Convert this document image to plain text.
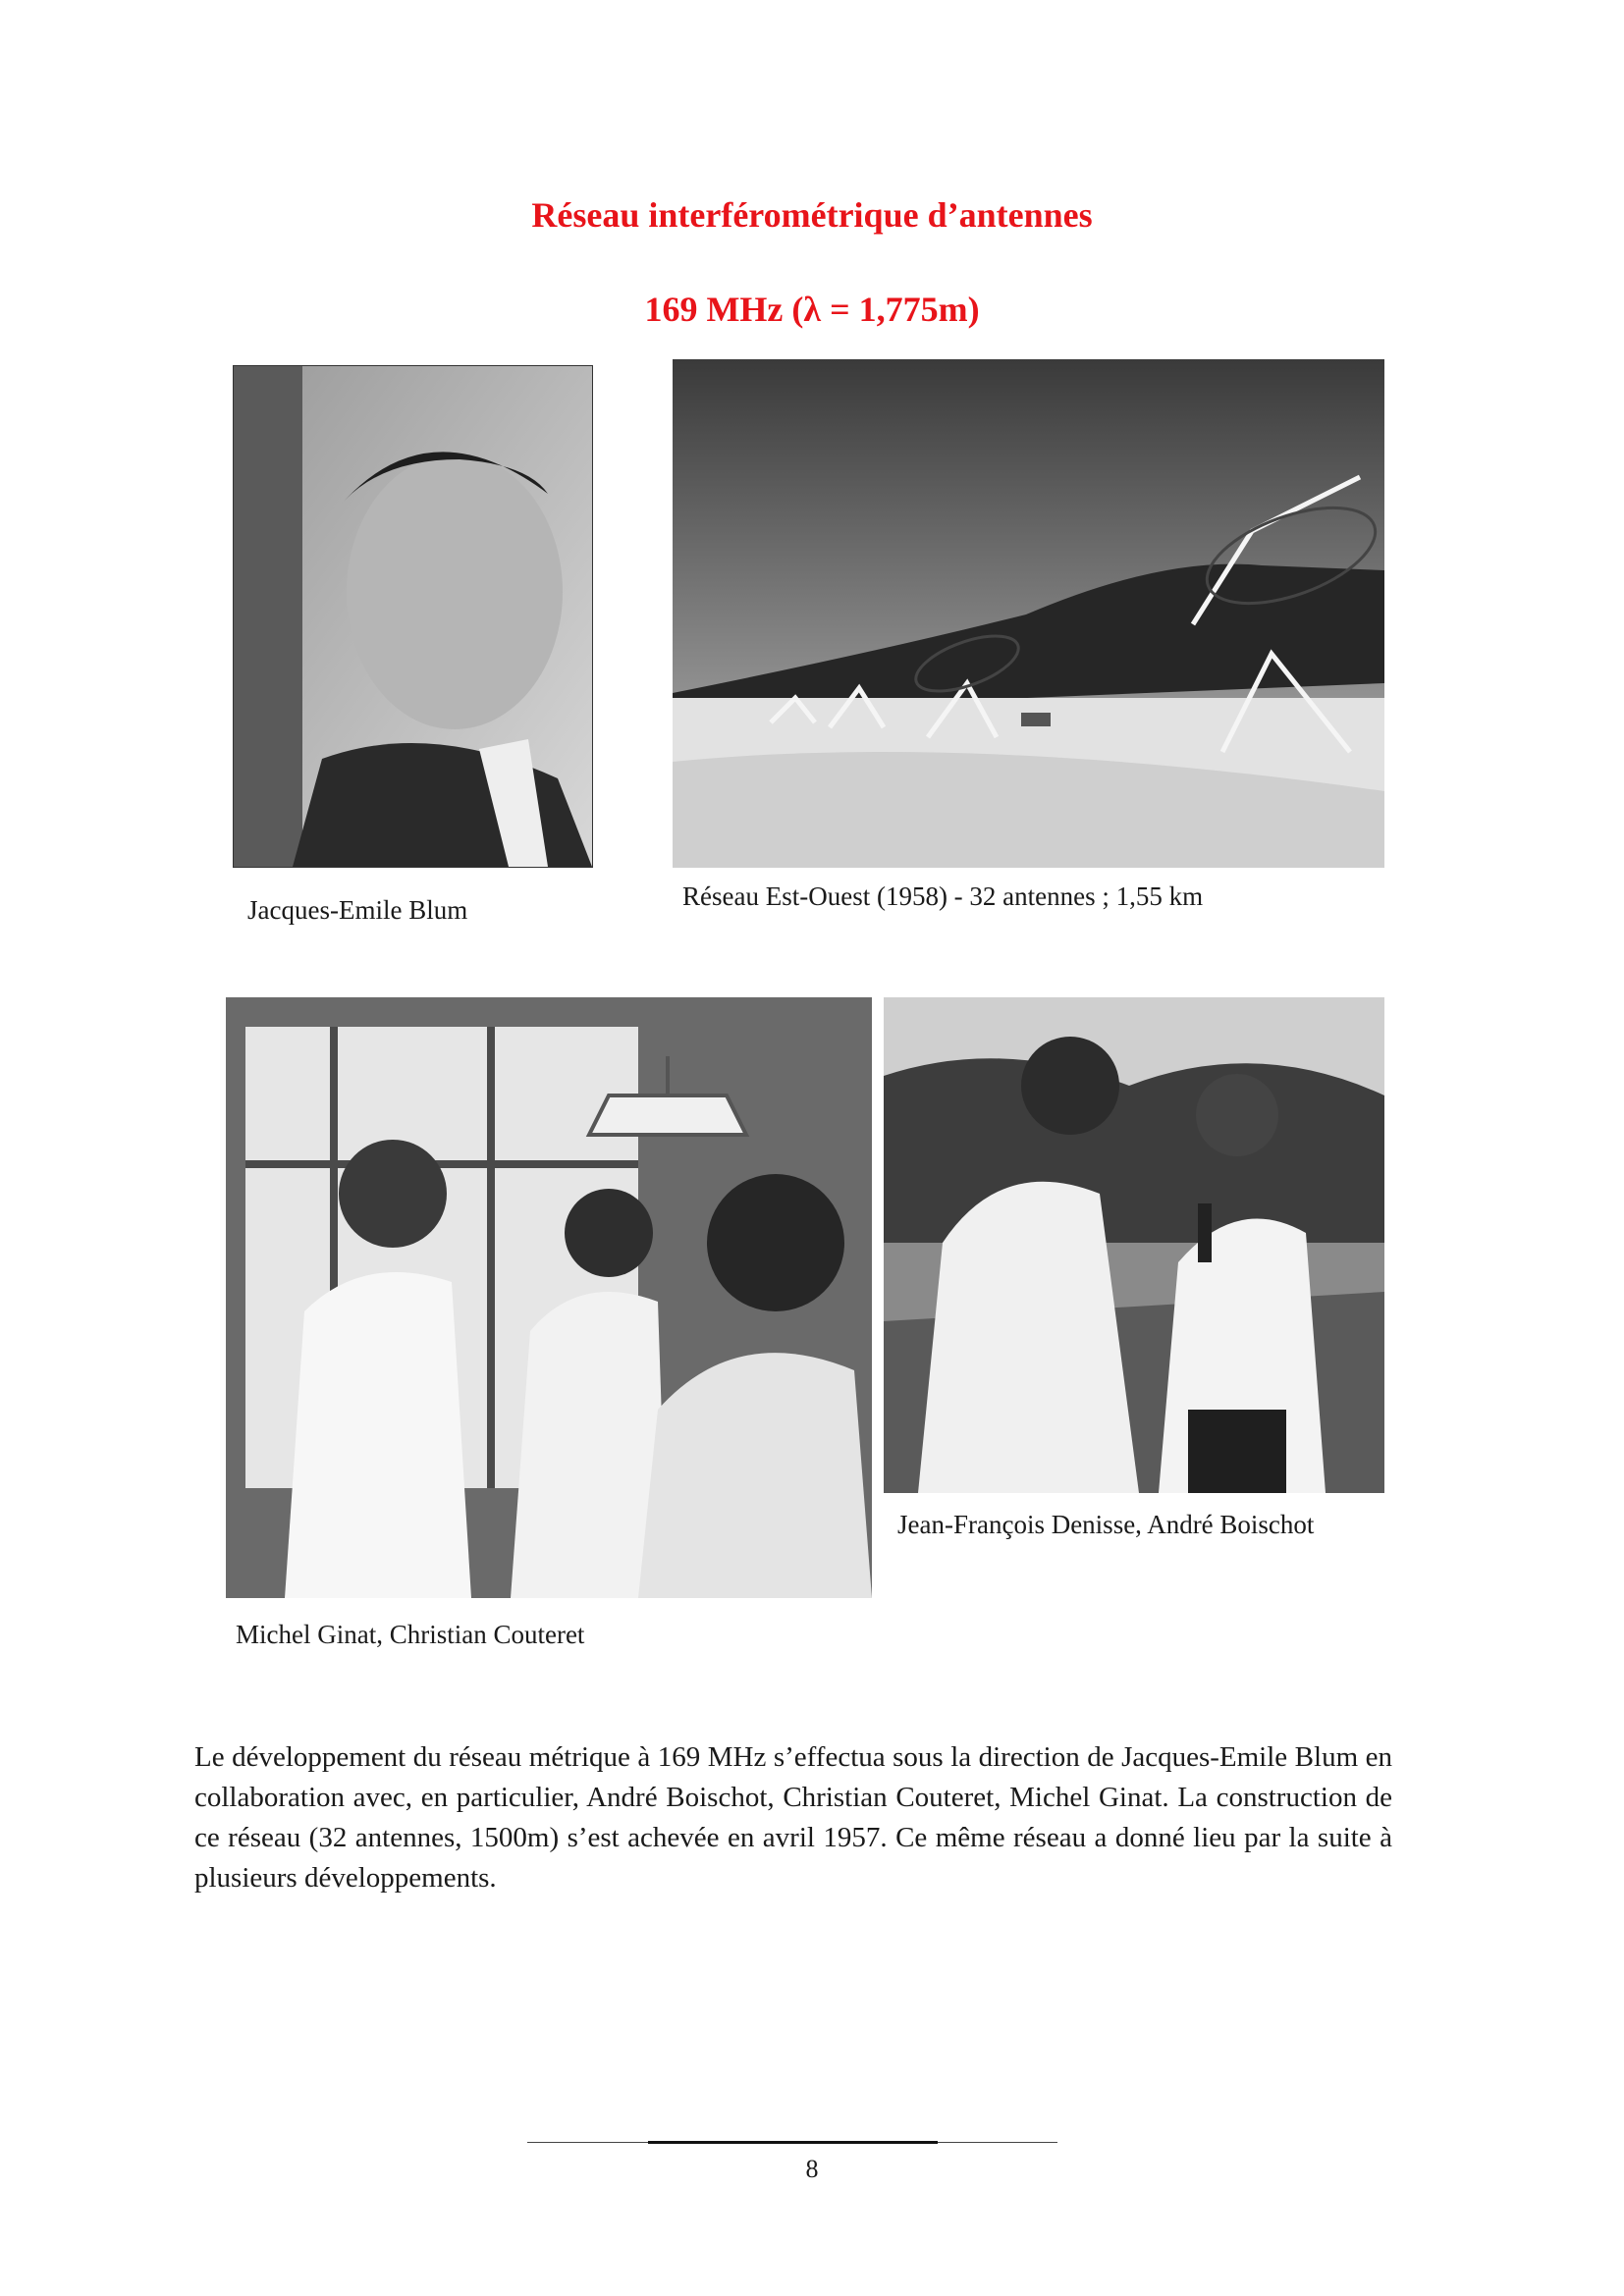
Réseau interférométrique d’antennes
169 MHz (λ = 1,775m)

Jacques-Emile Blum	Réseau Est-Ouest (1958) - 32 antennes ; 1,55 km

Michel Ginat, Christian Couteret

Jean-François Denisse, André Boischot

Le développement du réseau métrique à 169 MHz s’effectua sous la direction de Jacques-Emile Blum en collaboration avec, en particulier, André Boischot, Christian Couteret, Michel Ginat. La construction de ce réseau (32 antennes, 1500m) s’est achevée en avril 1957. Ce même réseau a donné lieu par la suite à plusieurs développements.

8
